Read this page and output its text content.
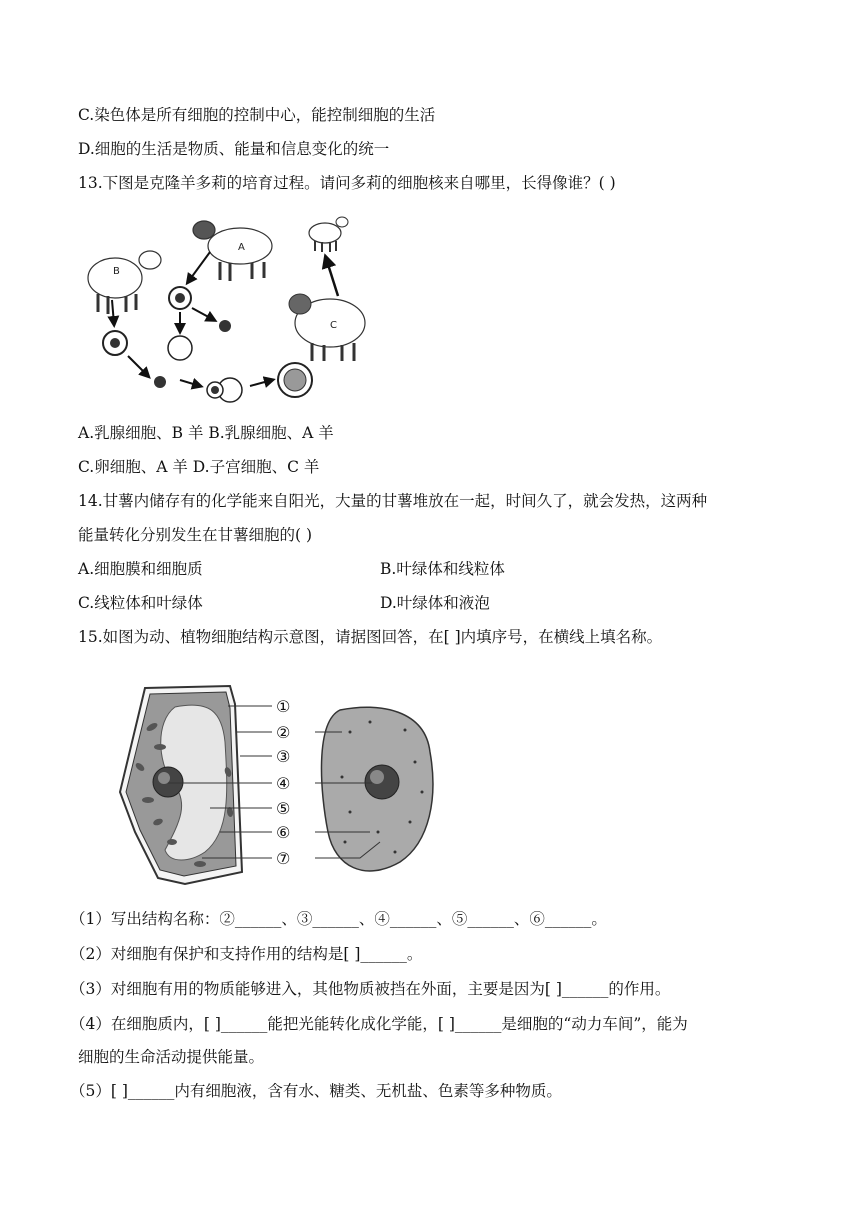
C.染色体是所有细胞的控制中心，能控制细胞的生活
D.细胞的生活是物质、能量和信息变化的统一
13.下图是克隆羊多莉的培育过程。请问多莉的细胞核来自哪里，长得像谁？( )
B
A
C
A.乳腺细胞、B 羊 B.乳腺细胞、A 羊
C.卵细胞、A 羊 D.子宫细胞、C 羊
14.甘薯内储存有的化学能来自阳光，大量的甘薯堆放在一起，时间久了，就会发热，这两种
能量转化分别发生在甘薯细胞的( )
A.细胞膜和细胞质	B.叶绿体和线粒体
C.线粒体和叶绿体	D.叶绿体和液泡
15.如图为动、植物细胞结构示意图，请据图回答，在[ ]内填序号，在横线上填名称。
①
②
③
④
⑤
⑥
⑦
（1）写出结构名称：②______、③______、④______、⑤______、⑥______。
（2）对细胞有保护和支持作用的结构是[ ]______。
（3）对细胞有用的物质能够进入，其他物质被挡在外面，主要是因为[ ]______的作用。
（4）在细胞质内，[ ]______能把光能转化成化学能，[ ]______是细胞的“动力车间”，能为
细胞的生命活动提供能量。
（5）[ ]______内有细胞液，含有水、糖类、无机盐、色素等多种物质。
